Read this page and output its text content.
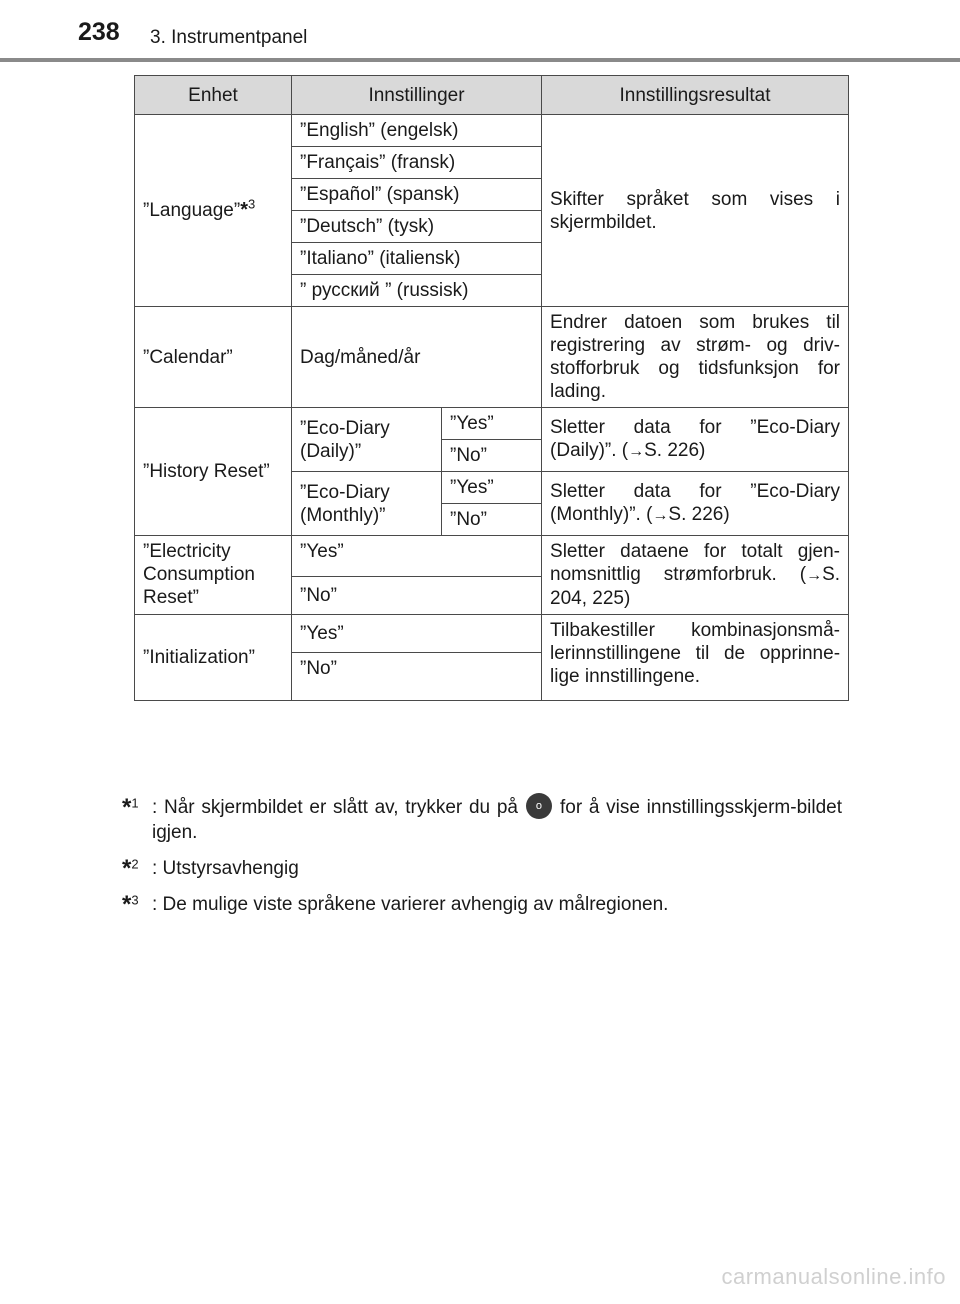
238 3. Instrumentpanel
Enhet	Innstillinger		Innstillingsresultat
”Language”*$^3$	”English” (engelsk)		Skifter språket som vises i skjermbildet.
	”Français” (fransk)		
	”Español” (spansk)		
	”Deutsch” (tysk)		
	”Italiano” (italiensk)		
	” русский ” (russisk)		
”Calendar”	Dag/måned/år		Endrer datoen som brukes til registrering av strøm- og driv-stofforbruk og tidsfunksjon for lading.
”History Reset”	”Eco-Diary (Daily)”	”Yes”	Sletter data for ”Eco-Diary (Daily)”. (→S. 226)
		”No”	
	”Eco-Diary (Monthly)”	”Yes”	Sletter data for ”Eco-Diary (Monthly)”. (→S. 226)
		”No”	
”Electricity Consumption Reset”	”Yes”		Sletter dataene for totalt gjen-nomsnittlig strømforbruk. (→S. 204, 225)
	”No”		
”Initialization”	”Yes”		Tilbakestiller kombinasjonsmå-lerinnstillingene til de opprinne-lige innstillingene.
	”No”		
*$^1$ : Når skjermbildet er slått av, trykker du på o for å vise innstillingsskjerm-bildet igjen.
*$^2$ : Utstyrsavhengig
*$^3$ : De mulige viste språkene varierer avhengig av målregionen.
carmanualsonline.info
